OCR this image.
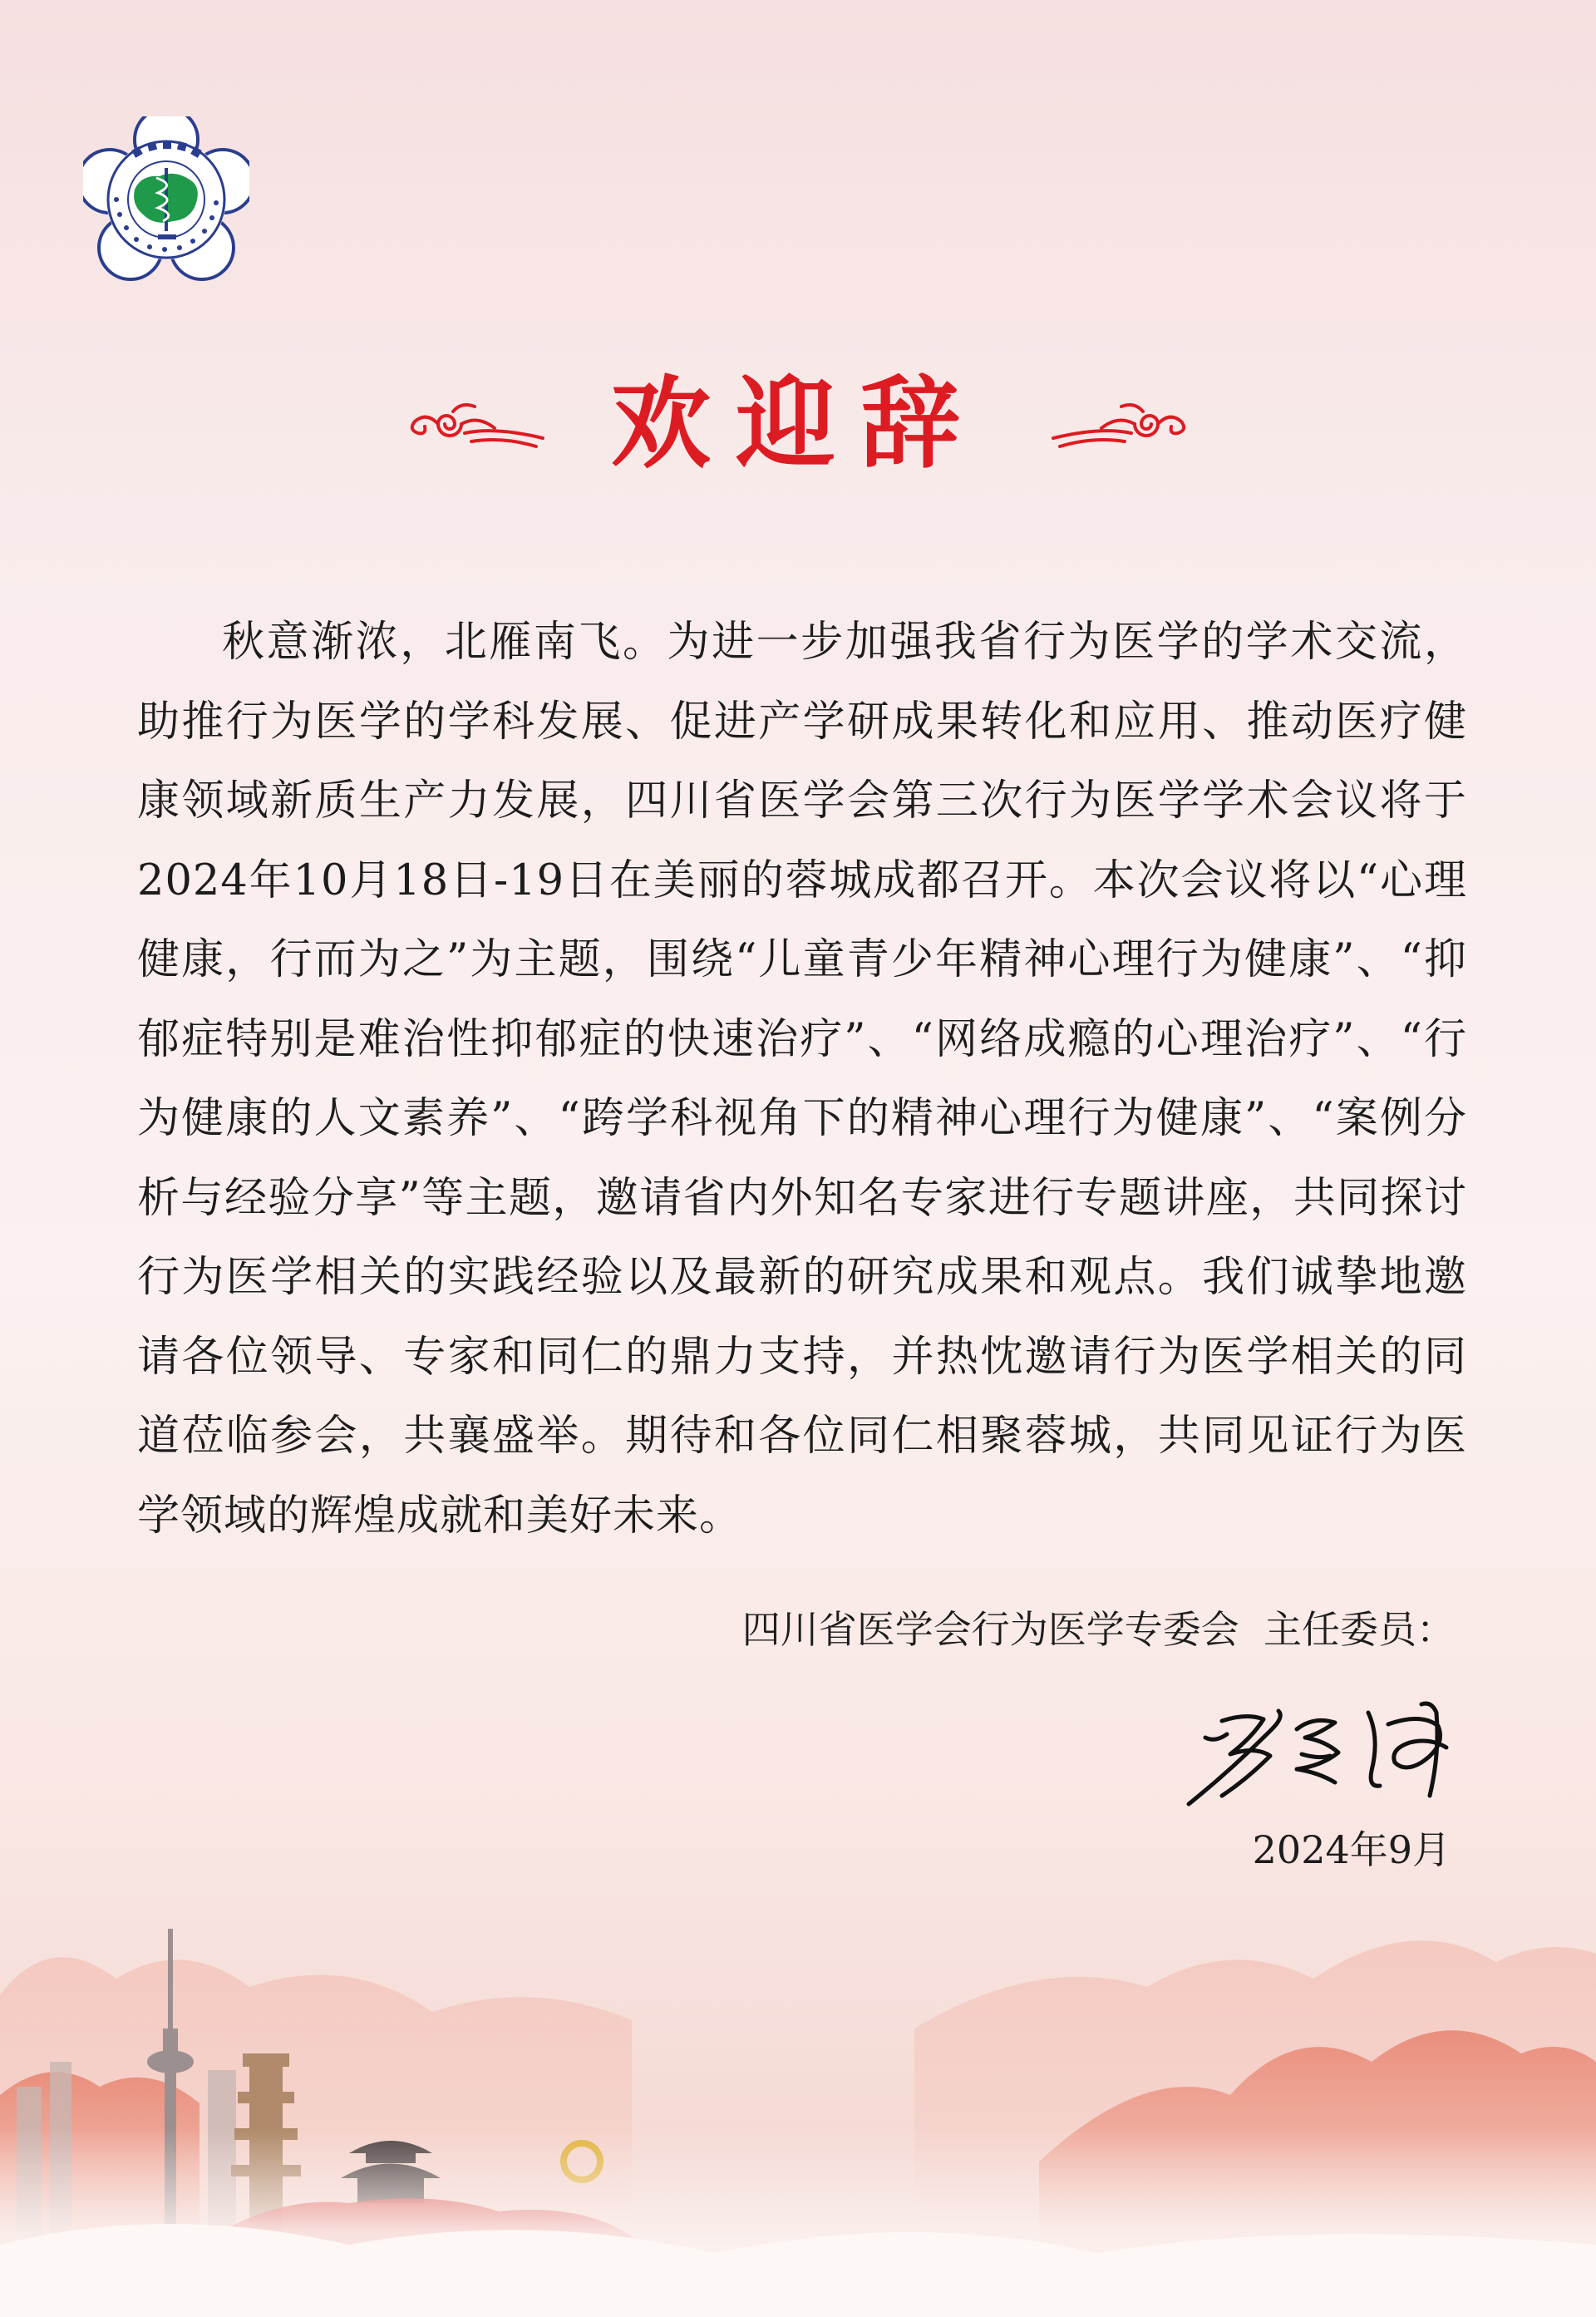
欢迎辞

秋意渐浓，北雁南飞。为进一步加强我省行为医学的学术交流，助推行为医学的学科发展、促进产学研成果转化和应用、推动医疗健康领域新质生产力发展，四川省医学会第三次行为医学学术会议将于2024年10月18日-19日在美丽的蓉城成都召开。本次会议将以“心理健康，行而为之”为主题，围绕“儿童青少年精神心理行为健康”、“抑郁症特别是难治性抑郁症的快速治疗”、“网络成瘾的心理治疗”、“行为健康的人文素养”、“跨学科视角下的精神心理行为健康”、“案例分析与经验分享”等主题，邀请省内外知名专家进行专题讲座，共同探讨行为医学相关的实践经验以及最新的研究成果和观点。我们诚挚地邀请各位领导、专家和同仁的鼎力支持，并热忱邀请行为医学相关的同道莅临参会，共襄盛举。期待和各位同仁相聚蓉城，共同见证行为医学领域的辉煌成就和美好未来。

四川省医学会行为医学专委会 主任委员：
2024年9月
